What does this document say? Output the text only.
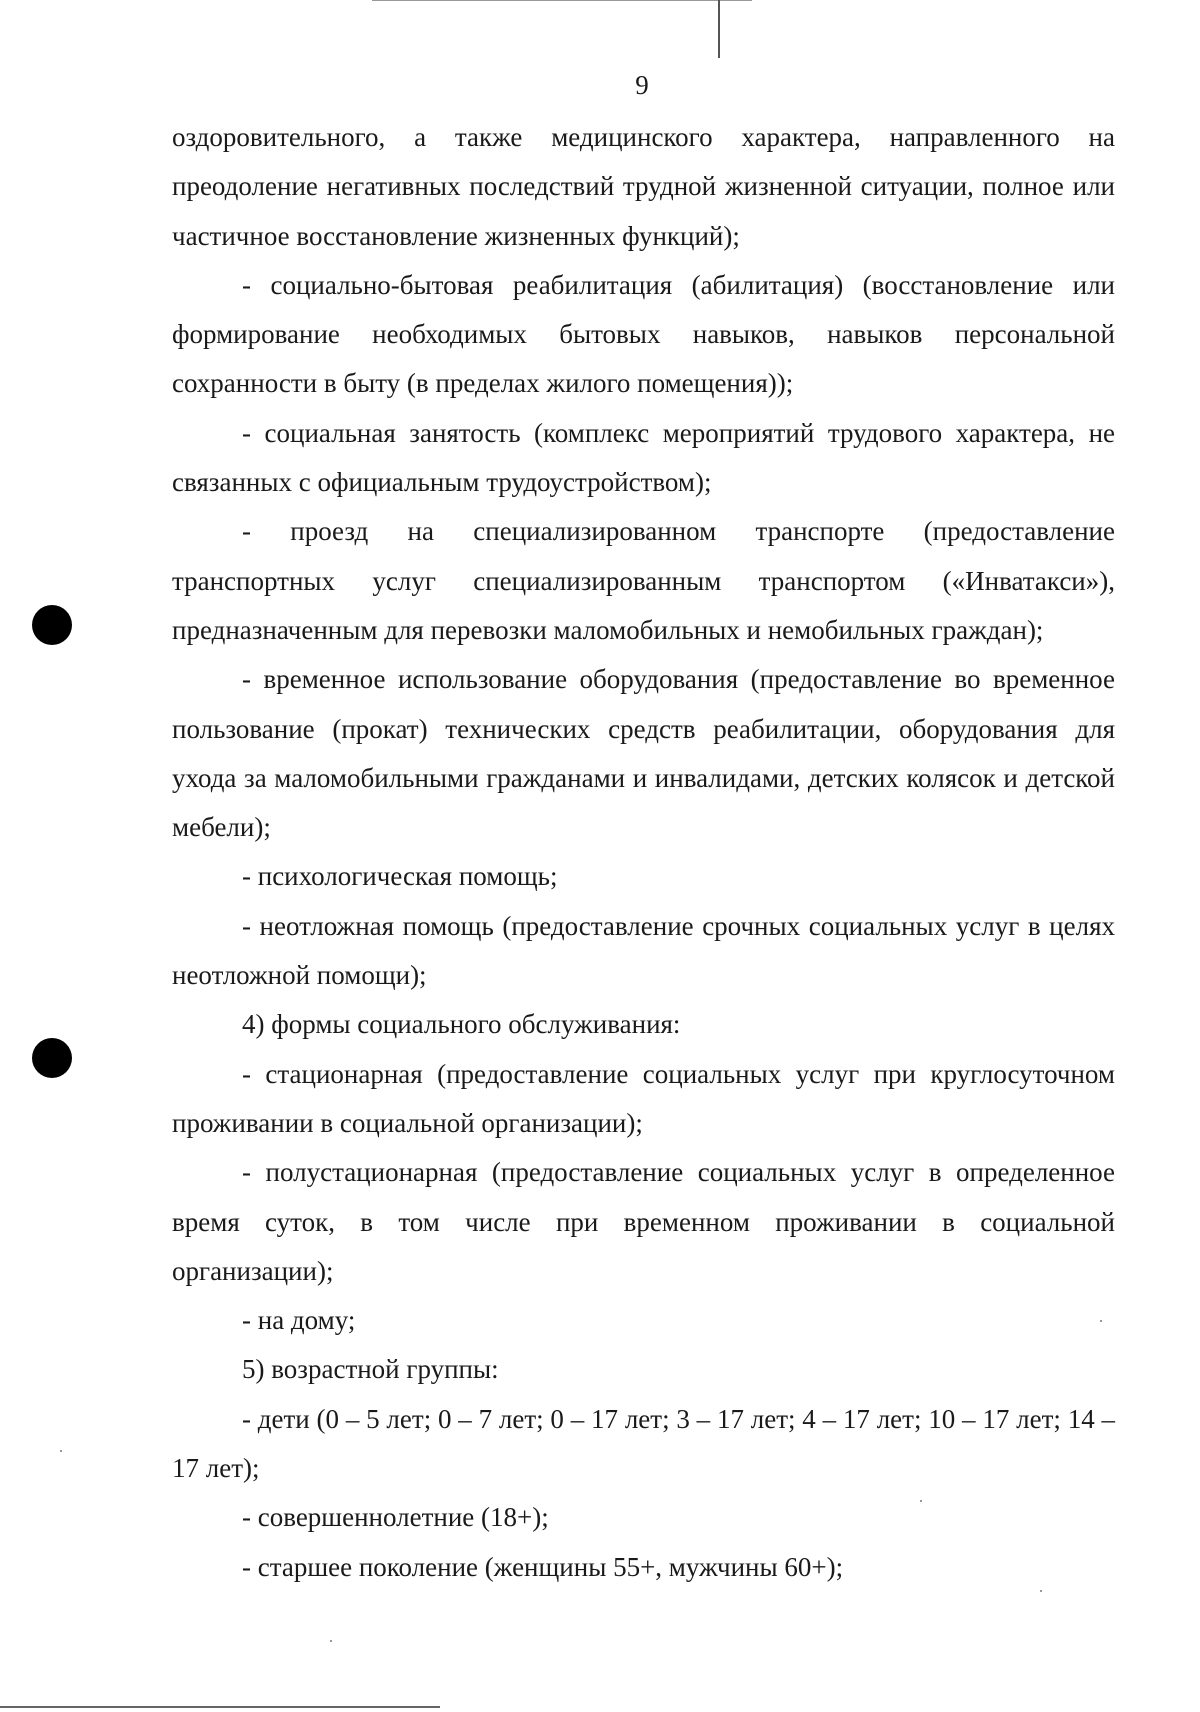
9

оздоровительного, а также медицинского характера, направленного на преодоление негативных последствий трудной жизненной ситуации, полное или частичное восстановление жизненных функций);

- социально-бытовая реабилитация (абилитация) (восстановление или формирование необходимых бытовых навыков, навыков персональной сохранности в быту (в пределах жилого помещения));

- социальная занятость (комплекс мероприятий трудового характера, не связанных с официальным трудоустройством);

- проезд на специализированном транспорте (предоставление транспортных услуг специализированным транспортом («Инватакси»), предназначенным для перевозки маломобильных и немобильных граждан);

- временное использование оборудования (предоставление во временное пользование (прокат) технических средств реабилитации, оборудования для ухода за маломобильными гражданами и инвалидами, детских колясок и детской мебели);

- психологическая помощь;

- неотложная помощь (предоставление срочных социальных услуг в целях неотложной помощи);

4) формы социального обслуживания:

- стационарная (предоставление социальных услуг при круглосуточном проживании в социальной организации);

- полустационарная (предоставление социальных услуг в определенное время суток, в том числе при временном проживании в социальной организации);

- на дому;

5) возрастной группы:

- дети (0 – 5 лет; 0 – 7 лет; 0 – 17 лет; 3 – 17 лет; 4 – 17 лет; 10 – 17 лет; 14 – 17 лет);

- совершеннолетние (18+);

- старшее поколение (женщины 55+, мужчины 60+);
